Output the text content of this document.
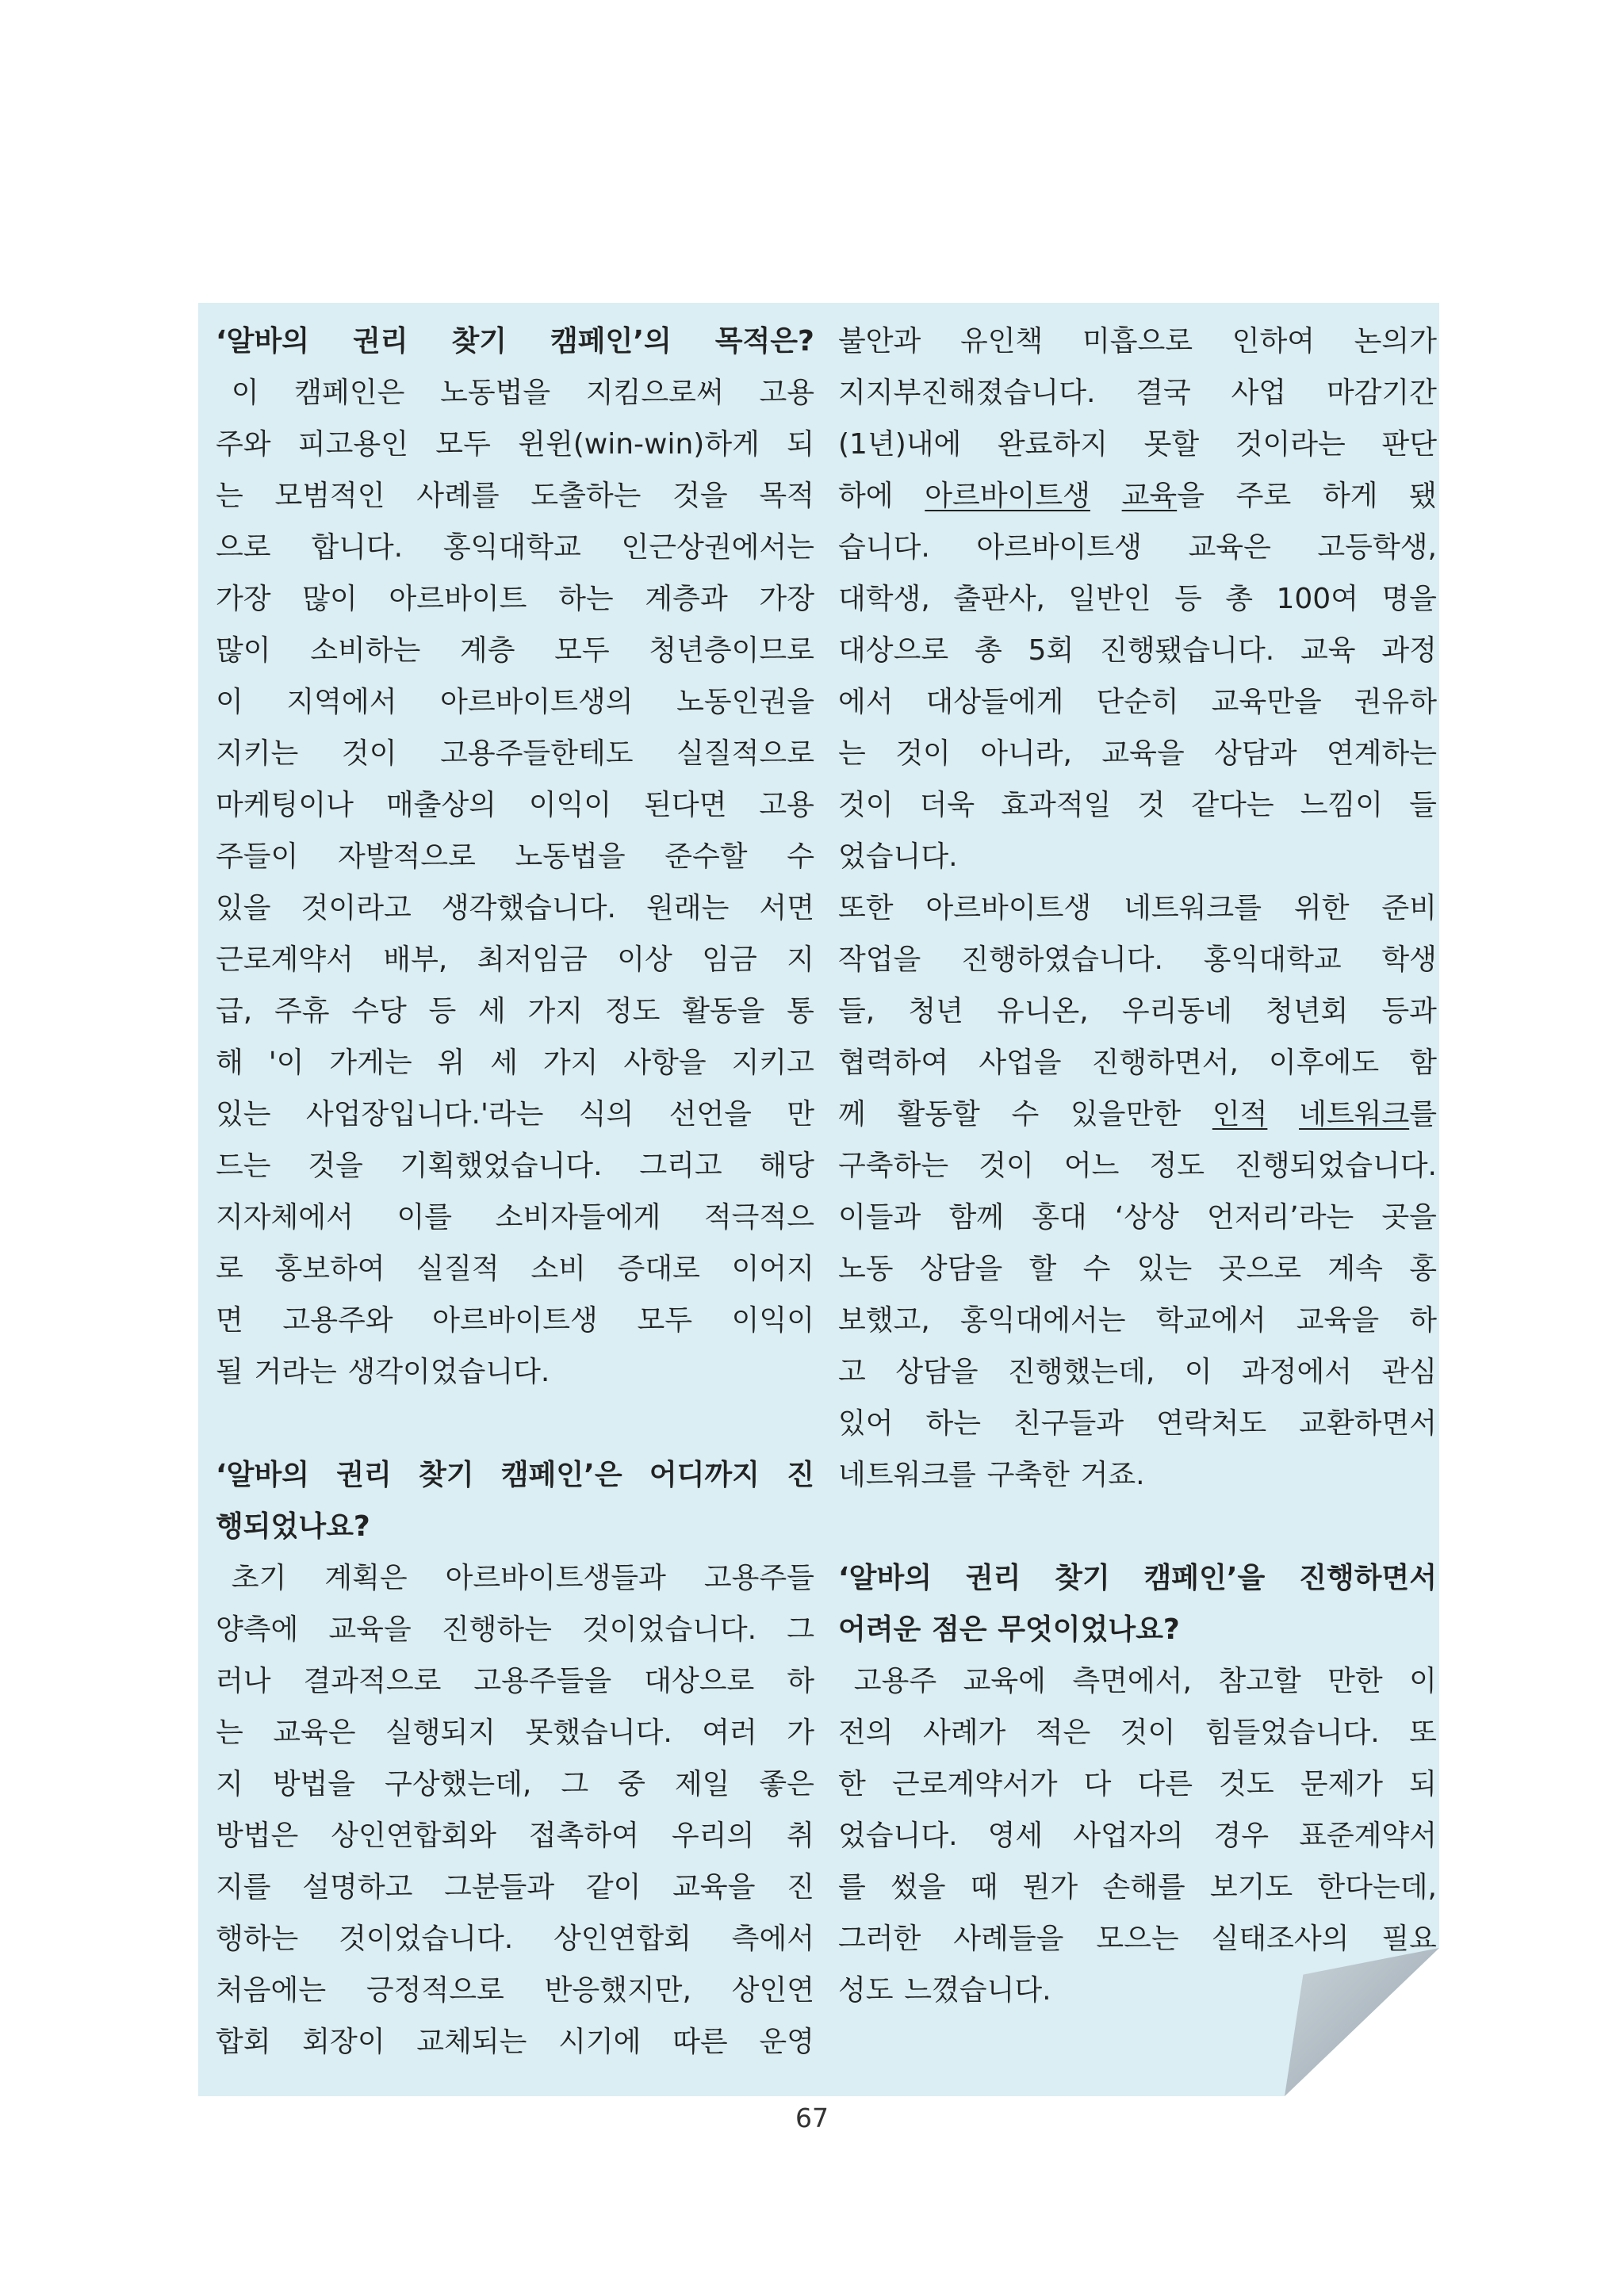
‘알바의 권리 찾기 캠페인’의 목적은?
이 캠페인은 노동법을 지킴으로써 고용
주와 피고용인 모두 윈윈(win-win)하게 되
는 모범적인 사례를 도출하는 것을 목적
으로 합니다. 홍익대학교 인근상권에서는
가장 많이 아르바이트 하는 계층과 가장
많이 소비하는 계층 모두 청년층이므로
이 지역에서 아르바이트생의 노동인권을
지키는 것이 고용주들한테도 실질적으로
마케팅이나 매출상의 이익이 된다면 고용
주들이 자발적으로 노동법을 준수할 수
있을 것이라고 생각했습니다. 원래는 서면
근로계약서 배부, 최저임금 이상 임금 지
급, 주휴 수당 등 세 가지 정도 활동을 통
해 '이 가게는 위 세 가지 사항을 지키고
있는 사업장입니다.'라는 식의 선언을 만
드는 것을 기획했었습니다. 그리고 해당
지자체에서 이를 소비자들에게 적극적으
로 홍보하여 실질적 소비 증대로 이어지
면 고용주와 아르바이트생 모두 이익이
될 거라는 생각이었습니다.
‘알바의 권리 찾기 캠페인’은 어디까지 진
행되었나요?
초기 계획은 아르바이트생들과 고용주들
양측에 교육을 진행하는 것이었습니다. 그
러나 결과적으로 고용주들을 대상으로 하
는 교육은 실행되지 못했습니다. 여러 가
지 방법을 구상했는데, 그 중 제일 좋은
방법은 상인연합회와 접촉하여 우리의 취
지를 설명하고 그분들과 같이 교육을 진
행하는 것이었습니다. 상인연합회 측에서
처음에는 긍정적으로 반응했지만, 상인연
합회 회장이 교체되는 시기에 따른 운영
불안과 유인책 미흡으로 인하여 논의가
지지부진해졌습니다. 결국 사업 마감기간
(1년)내에 완료하지 못할 것이라는 판단
하에 아르바이트생 교육을 주로 하게 됐
습니다. 아르바이트생 교육은 고등학생,
대학생, 출판사, 일반인 등 총 100여 명을
대상으로 총 5회 진행됐습니다. 교육 과정
에서 대상들에게 단순히 교육만을 권유하
는 것이 아니라, 교육을 상담과 연계하는
것이 더욱 효과적일 것 같다는 느낌이 들
었습니다.
또한 아르바이트생 네트워크를 위한 준비
작업을 진행하였습니다. 홍익대학교 학생
들, 청년 유니온, 우리동네 청년회 등과
협력하여 사업을 진행하면서, 이후에도 함
께 활동할 수 있을만한 인적 네트워크를
구축하는 것이 어느 정도 진행되었습니다.
이들과 함께 홍대 ‘상상 언저리’라는 곳을
노동 상담을 할 수 있는 곳으로 계속 홍
보했고, 홍익대에서는 학교에서 교육을 하
고 상담을 진행했는데, 이 과정에서 관심
있어 하는 친구들과 연락처도 교환하면서
네트워크를 구축한 거죠.
‘알바의 권리 찾기 캠페인’을 진행하면서
어려운 점은 무엇이었나요?
고용주 교육에 측면에서, 참고할 만한 이
전의 사례가 적은 것이 힘들었습니다. 또
한 근로계약서가 다 다른 것도 문제가 되
었습니다. 영세 사업자의 경우 표준계약서
를 썼을 때 뭔가 손해를 보기도 한다는데,
그러한 사례들을 모으는 실태조사의 필요
성도 느꼈습니다.
67
